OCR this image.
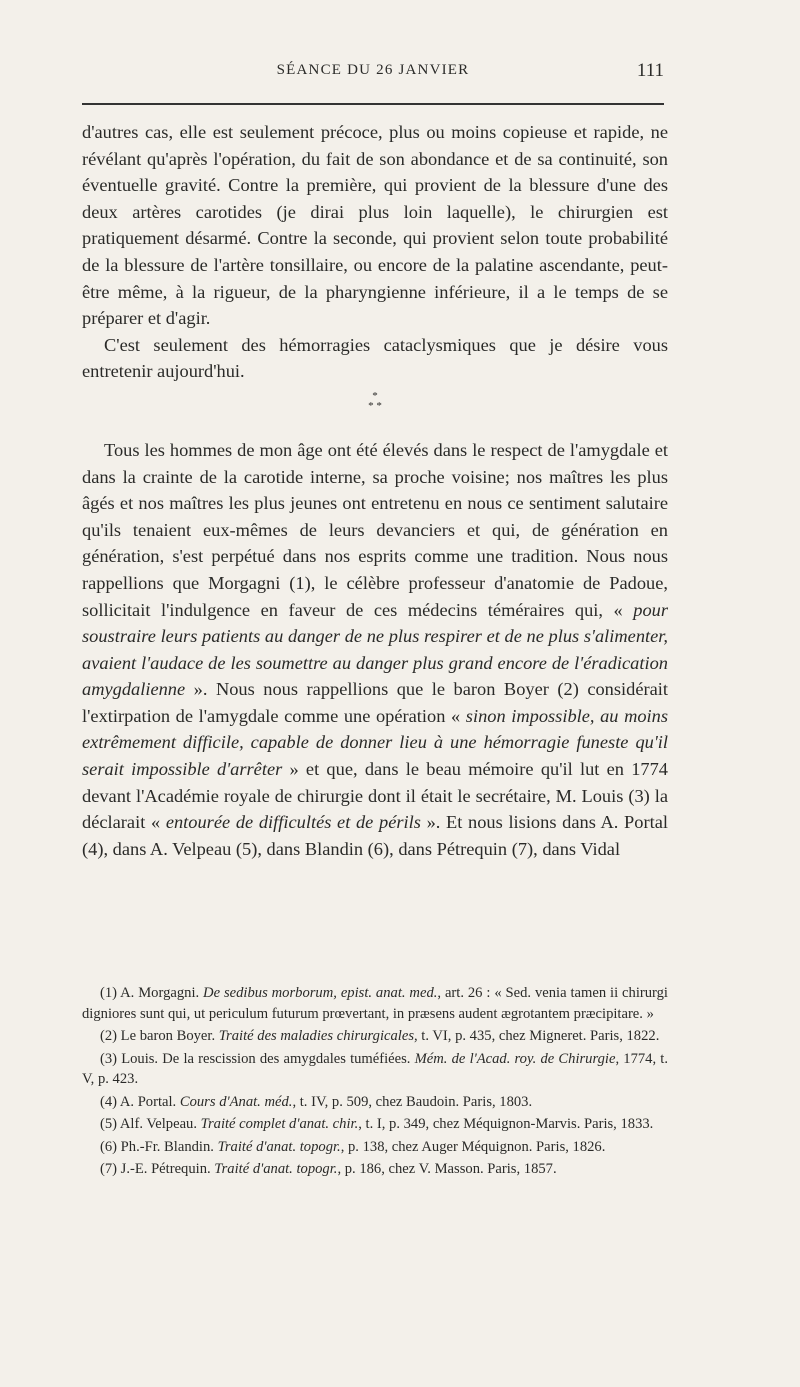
SÉANCE DU 26 JANVIER	111

d'autres cas, elle est seulement précoce, plus ou moins copieuse et rapide, ne révélant qu'après l'opération, du fait de son abondance et de sa continuité, son éventuelle gravité. Contre la première, qui provient de la blessure d'une des deux artères carotides (je dirai plus loin laquelle), le chirurgien est pratiquement désarmé. Contre la seconde, qui provient selon toute probabilité de la blessure de l'artère tonsillaire, ou encore de la palatine ascendante, peut-être même, à la rigueur, de la pharyngienne inférieure, il a le temps de se préparer et d'agir.

C'est seulement des hémorragies cataclysmiques que je désire vous entretenir aujourd'hui.

*
* *

Tous les hommes de mon âge ont été élevés dans le respect de l'amygdale et dans la crainte de la carotide interne, sa proche voisine; nos maîtres les plus âgés et nos maîtres les plus jeunes ont entretenu en nous ce sentiment salutaire qu'ils tenaient eux-mêmes de leurs devanciers et qui, de génération en génération, s'est perpétué dans nos esprits comme une tradition. Nous nous rappellions que Morgagni (1), le célèbre professeur d'anatomie de Padoue, sollicitait l'indulgence en faveur de ces médecins téméraires qui, « pour soustraire leurs patients au danger de ne plus respirer et de ne plus s'alimenter, avaient l'audace de les soumettre au danger plus grand encore de l'éradication amygdalienne ». Nous nous rappellions que le baron Boyer (2) considérait l'extirpation de l'amygdale comme une opération « sinon impossible, au moins extrêmement difficile, capable de donner lieu à une hémorragie funeste qu'il serait impossible d'arrêter » et que, dans le beau mémoire qu'il lut en 1774 devant l'Académie royale de chirurgie dont il était le secrétaire, M. Louis (3) la déclarait « entourée de difficultés et de périls ». Et nous lisions dans A. Portal (4), dans A. Velpeau (5), dans Blandin (6), dans Pétrequin (7), dans Vidal

(1) A. Morgagni. De sedibus morborum, epist. anat. med., art. 26 : « Sed. venia tamen ii chirurgi digniores sunt qui, ut periculum futurum prœvertant, in præsens audent ægrotantem præcipitare. »

(2) Le baron Boyer. Traité des maladies chirurgicales, t. VI, p. 435, chez Migneret. Paris, 1822.

(3) Louis. De la rescission des amygdales tuméfiées. Mém. de l'Acad. roy. de Chirurgie, 1774, t. V, p. 423.

(4) A. Portal. Cours d'Anat. méd., t. IV, p. 509, chez Baudoin. Paris, 1803.

(5) Alf. Velpeau. Traité complet d'anat. chir., t. I, p. 349, chez Méquignon-Marvis. Paris, 1833.

(6) Ph.-Fr. Blandin. Traité d'anat. topogr., p. 138, chez Auger Méquignon. Paris, 1826.

(7) J.-E. Pétrequin. Traité d'anat. topogr., p. 186, chez V. Masson. Paris, 1857.
